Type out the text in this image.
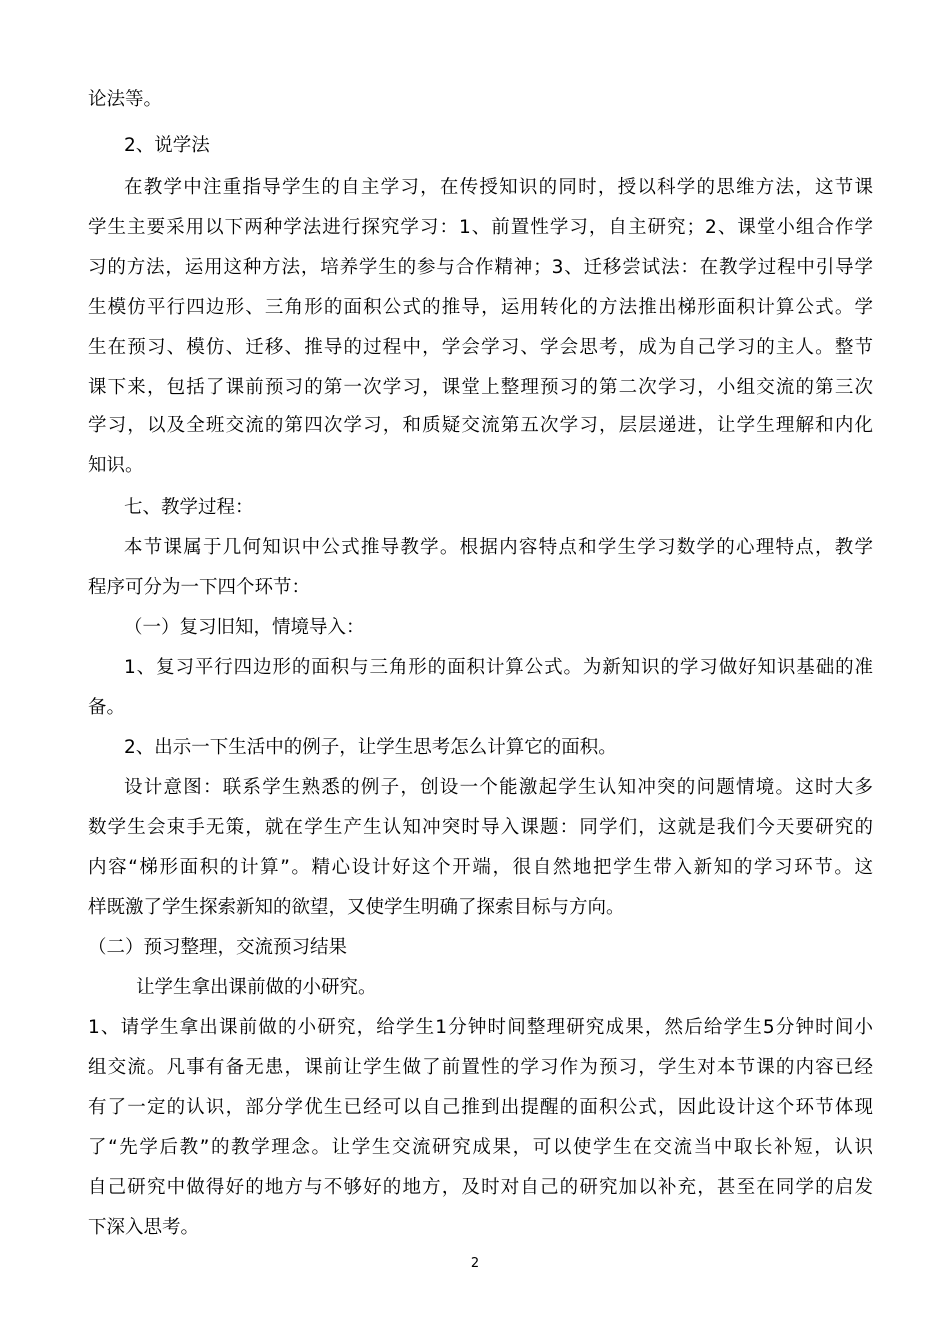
论法等。
2、说学法
在教学中注重指导学生的自主学习，在传授知识的同时，授以科学的思维方法，这节课
学生主要采用以下两种学法进行探究学习：1、前置性学习，自主研究；2、课堂小组合作学
习的方法，运用这种方法，培养学生的参与合作精神；3、迁移尝试法：在教学过程中引导学
生模仿平行四边形、三角形的面积公式的推导，运用转化的方法推出梯形面积计算公式。学
生在预习、模仿、迁移、推导的过程中，学会学习、学会思考，成为自己学习的主人。整节
课下来，包括了课前预习的第一次学习，课堂上整理预习的第二次学习，小组交流的第三次
学习，以及全班交流的第四次学习，和质疑交流第五次学习，层层递进，让学生理解和内化
知识。
七、教学过程：
本节课属于几何知识中公式推导教学。根据内容特点和学生学习数学的心理特点，教学
程序可分为一下四个环节：
（一）复习旧知，情境导入：
1、复习平行四边形的面积与三角形的面积计算公式。为新知识的学习做好知识基础的准
备。
2、出示一下生活中的例子，让学生思考怎么计算它的面积。
设计意图：联系学生熟悉的例子，创设一个能激起学生认知冲突的问题情境。这时大多
数学生会束手无策，就在学生产生认知冲突时导入课题：同学们，这就是我们今天要研究的
内容“梯形面积的计算”。精心设计好这个开端，很自然地把学生带入新知的学习环节。这
样既激了学生探索新知的欲望，又使学生明确了探索目标与方向。
（二）预习整理，交流预习结果
让学生拿出课前做的小研究。
1、请学生拿出课前做的小研究，给学生1分钟时间整理研究成果，然后给学生5分钟时间小
组交流。凡事有备无患，课前让学生做了前置性的学习作为预习，学生对本节课的内容已经
有了一定的认识，部分学优生已经可以自己推到出提醒的面积公式，因此设计这个环节体现
了“先学后教”的教学理念。让学生交流研究成果，可以使学生在交流当中取长补短，认识
自己研究中做得好的地方与不够好的地方，及时对自己的研究加以补充，甚至在同学的启发
下深入思考。
2
